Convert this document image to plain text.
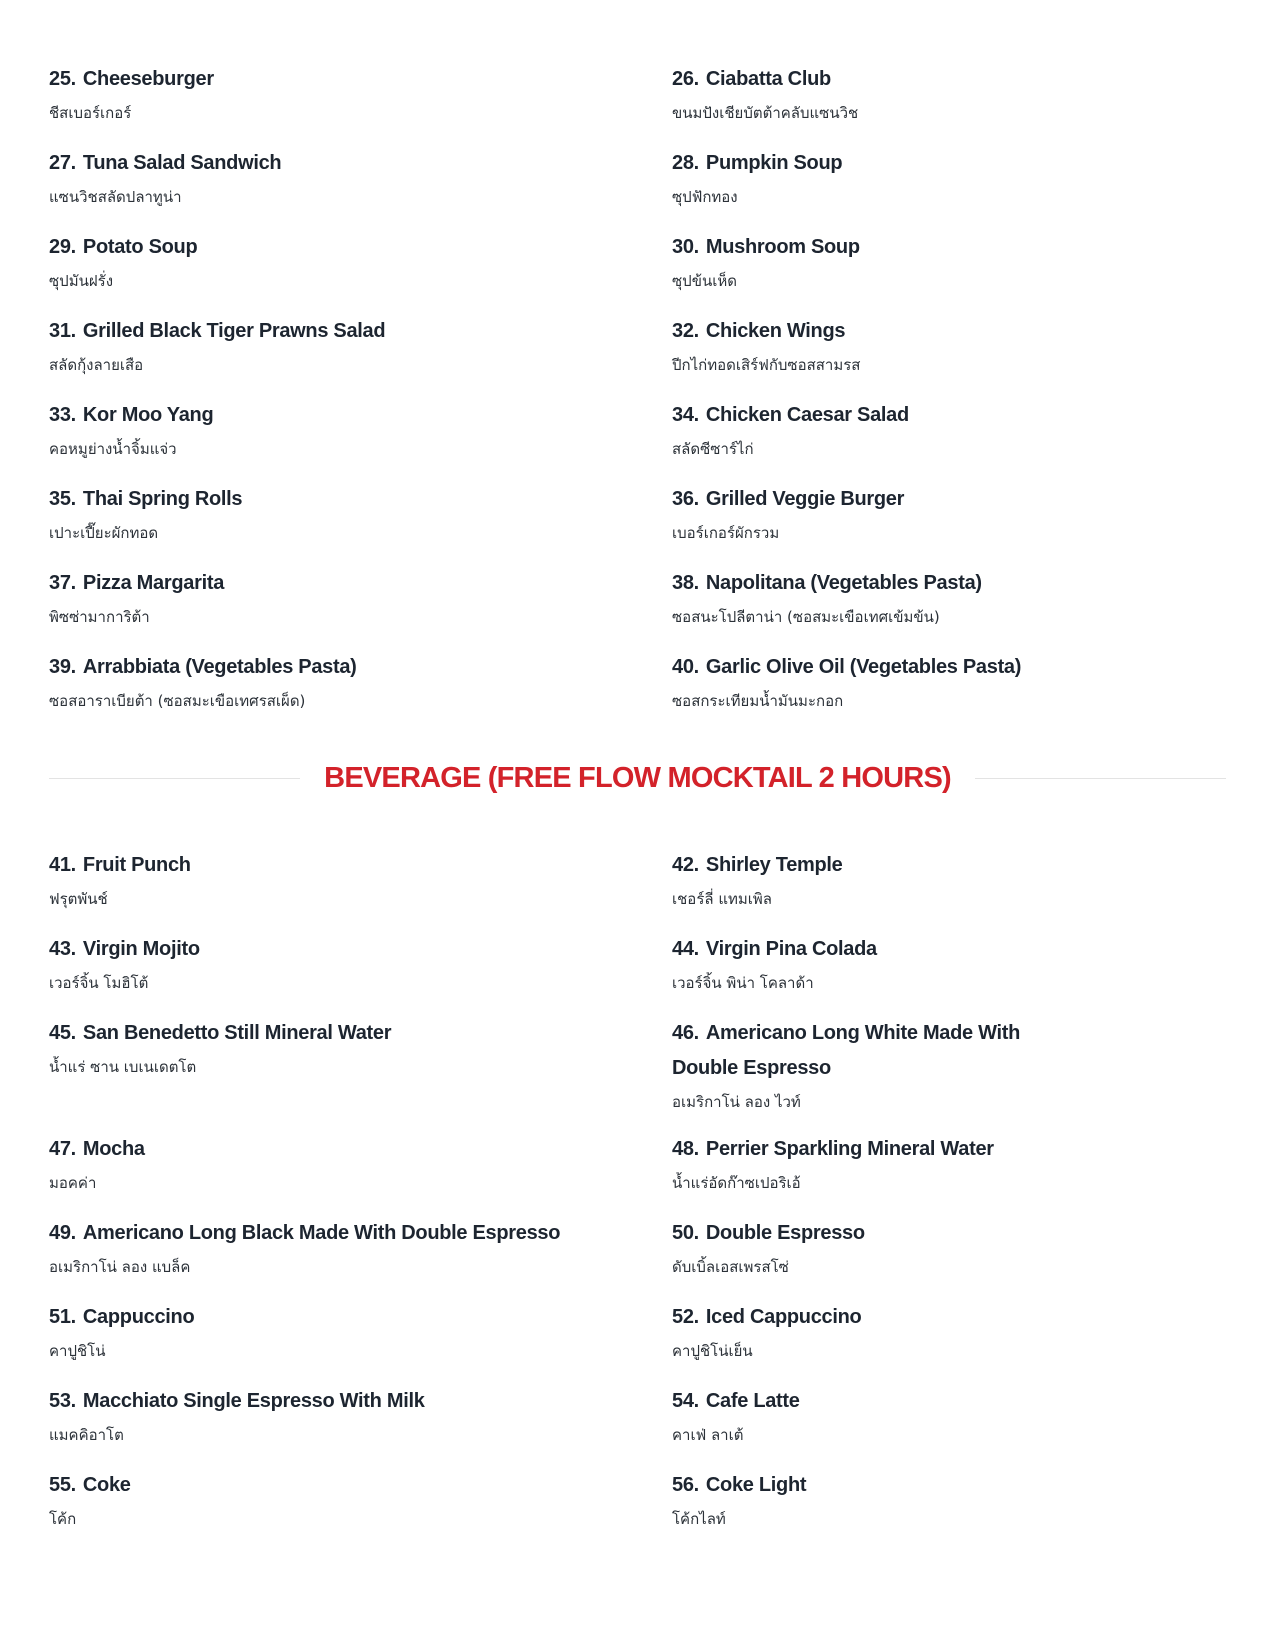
25. Cheeseburger

ชีสเบอร์เกอร์

26. Ciabatta Club

ขนมปังเชียบัตต้าคลับแซนวิช

27. Tuna Salad Sandwich

แซนวิชสลัดปลาทูน่า

28. Pumpkin Soup

ซุปฟักทอง

29. Potato Soup

ซุปมันฝรั่ง

30. Mushroom Soup

ซุปข้นเห็ด

31. Grilled Black Tiger Prawns Salad

สลัดกุ้งลายเสือ

32. Chicken Wings

ปีกไก่ทอดเสิร์ฟกับซอสสามรส

33. Kor Moo Yang

คอหมูย่างน้ำจิ้มแจ่ว

34. Chicken Caesar Salad

สลัดซีซาร์ไก่

35. Thai Spring Rolls

เปาะเปี๊ยะผักทอด

36. Grilled Veggie Burger

เบอร์เกอร์ผักรวม

37. Pizza Margarita

พิซซ่ามาการิต้า

38. Napolitana (Vegetables Pasta)

ซอสนะโปลีตาน่า (ซอสมะเขือเทศเข้มข้น)

39. Arrabbiata (Vegetables Pasta)

ซอสอาราเบียต้า (ซอสมะเขือเทศรสเผ็ด)

40. Garlic Olive Oil (Vegetables Pasta)

ซอสกระเทียมน้ำมันมะกอก

BEVERAGE (FREE FLOW MOCKTAIL 2 HOURS)

41. Fruit Punch

ฟรุตพันช์

42. Shirley Temple

เชอร์ลี่ แทมเพิล

43. Virgin Mojito

เวอร์จิ้น โมฮิโต้

44. Virgin Pina Colada

เวอร์จิ้น พิน่า โคลาด้า

45. San Benedetto Still Mineral Water

น้ำแร่ ซาน เบเนเดตโต

46. Americano Long White Made With Double Espresso

อเมริกาโน่ ลอง ไวท์

47. Mocha

มอคค่า

48. Perrier Sparkling Mineral Water

น้ำแร่อัดก๊าซเปอริเอ้

49. Americano Long Black Made With Double Espresso

อเมริกาโน่ ลอง แบล็ค

50. Double Espresso

ดับเบิ้ลเอสเพรสโซ่

51. Cappuccino

คาปูชิโน่

52. Iced Cappuccino

คาปูชิโน่เย็น

53. Macchiato Single Espresso With Milk

แมคคิอาโต

54. Cafe Latte

คาเฟ่ ลาเต้

55. Coke

โค้ก

56. Coke Light

โค้กไลท์
